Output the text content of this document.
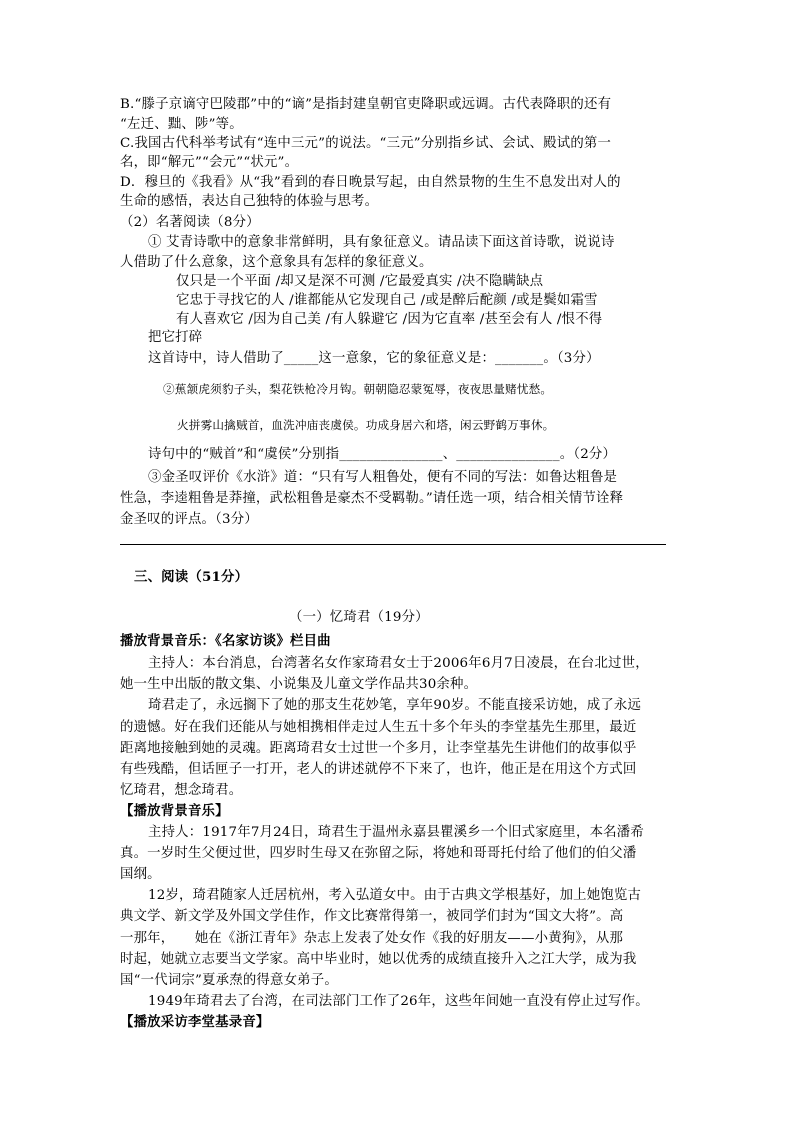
B.“滕子京谪守巴陵郡”中的“谪”是指封建皇朝官吏降职或远调。古代表降职的还有
“左迁、黜、陟”等。
C.我国古代科举考试有“连中三元”的说法。“三元”分别指乡试、会试、殿试的第一
名，即“解元”“会元”“状元”。
D．穆旦的《我看》从“我”看到的春日晚景写起，由自然景物的生生不息发出对人的
生命的感悟，表达自己独特的体验与思考。
（2）名著阅读（8分）
① 艾青诗歌中的意象非常鲜明，具有象征意义。请品读下面这首诗歌，说说诗
人借助了什么意象，这个意象具有怎样的象征意义。
仅只是一个平面 /却又是深不可测 /它最爱真实 /决不隐瞒缺点
它忠于寻找它的人 /谁都能从它发现自己 /或是醉后酡颜 /或是鬓如霜雪
有人喜欢它 /因为自己美 /有人躲避它 /因为它直率 /甚至会有人 /恨不得
把它打碎
这首诗中，诗人借助了_____这一意象，它的象征意义是：_______。（3分）
②蕉颔虎须豹子头，梨花铁枪冷月钩。朝朝隐忍蒙冤辱，夜夜思量赌忧愁。
火拼雾山擒贼首，血洗冲庙丧虞侯。功成身居六和塔，闲云野鹤万事休。
诗句中的“贼首”和“虞侯”分别指_______________、_______________。（2分）
③金圣叹评价《水浒》道：“只有写人粗鲁处，便有不同的写法：如鲁达粗鲁是
性急，李逵粗鲁是莽撞，武松粗鲁是豪杰不受羁勒。”请任选一项，结合相关情节诠释
金圣叹的评点。（3分）
三、阅读（51分）
（一）忆琦君（19分）
播放背景音乐：《名家访谈》栏目曲
主持人：本台消息，台湾著名女作家琦君女士于2006年6月7日凌晨，在台北过世，
她一生中出版的散文集、小说集及儿童文学作品共30余种。
琦君走了，永远搁下了她的那支生花妙笔，享年90岁。不能直接采访她，成了永远
的遗憾。好在我们还能从与她相携相伴走过人生五十多个年头的李堂基先生那里，最近
距离地接触到她的灵魂。距离琦君女士过世一个多月，让李堂基先生讲他们的故事似乎
有些残酷，但话匣子一打开，老人的讲述就停不下来了，也许，他正是在用这个方式回
忆琦君，想念琦君。
【播放背景音乐】
主持人：1917年7月24日，琦君生于温州永嘉县瞿溪乡一个旧式家庭里，本名潘希
真。一岁时生父便过世，四岁时生母又在弥留之际，将她和哥哥托付给了他们的伯父潘
国纲。
12岁，琦君随家人迁居杭州，考入弘道女中。由于古典文学根基好，加上她饱览古
典文学、新文学及外国文学佳作，作文比赛常得第一，被同学们封为“国文大将”。高
一那年，　　她在《浙江青年》杂志上发表了处女作《我的好朋友——小黄狗》，从那
时起，她就立志要当文学家。高中毕业时，她以优秀的成绩直接升入之江大学，成为我
国“一代词宗”夏承焘的得意女弟子。
1949年琦君去了台湾，在司法部门工作了26年，这些年间她一直没有停止过写作。
【播放采访李堂基录音】
